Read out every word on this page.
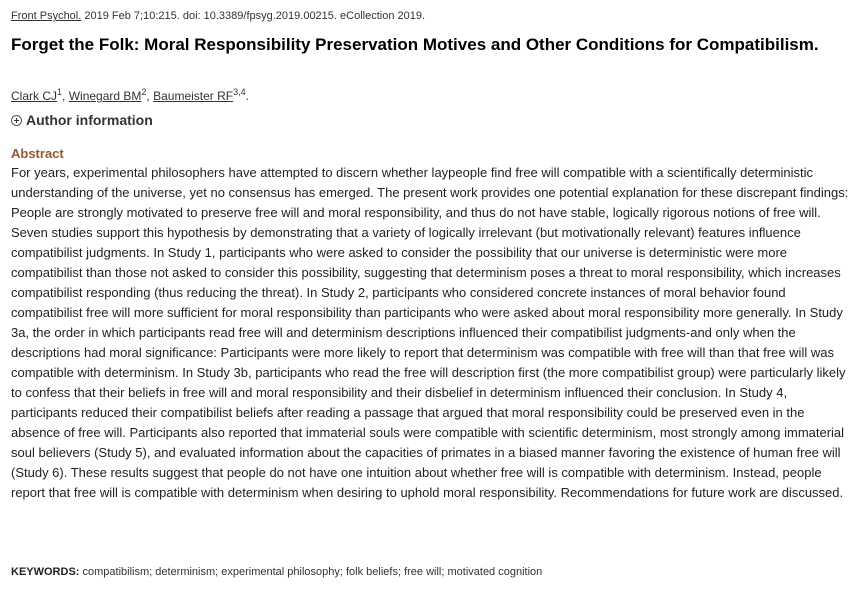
Front Psychol. 2019 Feb 7;10:215. doi: 10.3389/fpsyg.2019.00215. eCollection 2019.
Forget the Folk: Moral Responsibility Preservation Motives and Other Conditions for Compatibilism.
Clark $CJ^1$, Winegard $BM^2$, Baumeister RF$^{3,4}$.
Author information
Abstract

For years, experimental philosophers have attempted to discern whether laypeople find free will compatible with a scientifically deterministic understanding of the universe, yet no consensus has emerged. The present work provides one potential explanation for these discrepant findings: People are strongly motivated to preserve free will and moral responsibility, and thus do not have stable, logically rigorous notions of free will. Seven studies support this hypothesis by demonstrating that a variety of logically irrelevant (but motivationally relevant) features influence compatibilist judgments. In Study 1, participants who were asked to consider the possibility that our universe is deterministic were more compatibilist than those not asked to consider this possibility, suggesting that determinism poses a threat to moral responsibility, which increases compatibilist responding (thus reducing the threat). In Study 2, participants who considered concrete instances of moral behavior found compatibilist free will more sufficient for moral responsibility than participants who were asked about moral responsibility more generally. In Study 3a, the order in which participants read free will and determinism descriptions influenced their compatibilist judgments-and only when the descriptions had moral significance: Participants were more likely to report that determinism was compatible with free will than that free will was compatible with determinism. In Study 3b, participants who read the free will description first (the more compatibilist group) were particularly likely to confess that their beliefs in free will and moral responsibility and their disbelief in determinism influenced their conclusion. In Study 4, participants reduced their compatibilist beliefs after reading a passage that argued that moral responsibility could be preserved even in the absence of free will. Participants also reported that immaterial souls were compatible with scientific determinism, most strongly among immaterial soul believers (Study 5), and evaluated information about the capacities of primates in a biased manner favoring the existence of human free will (Study 6). These results suggest that people do not have one intuition about whether free will is compatible with determinism. Instead, people report that free will is compatible with determinism when desiring to uphold moral responsibility. Recommendations for future work are discussed.

KEYWORDS: compatibilism; determinism; experimental philosophy; folk beliefs; free will; motivated cognition
